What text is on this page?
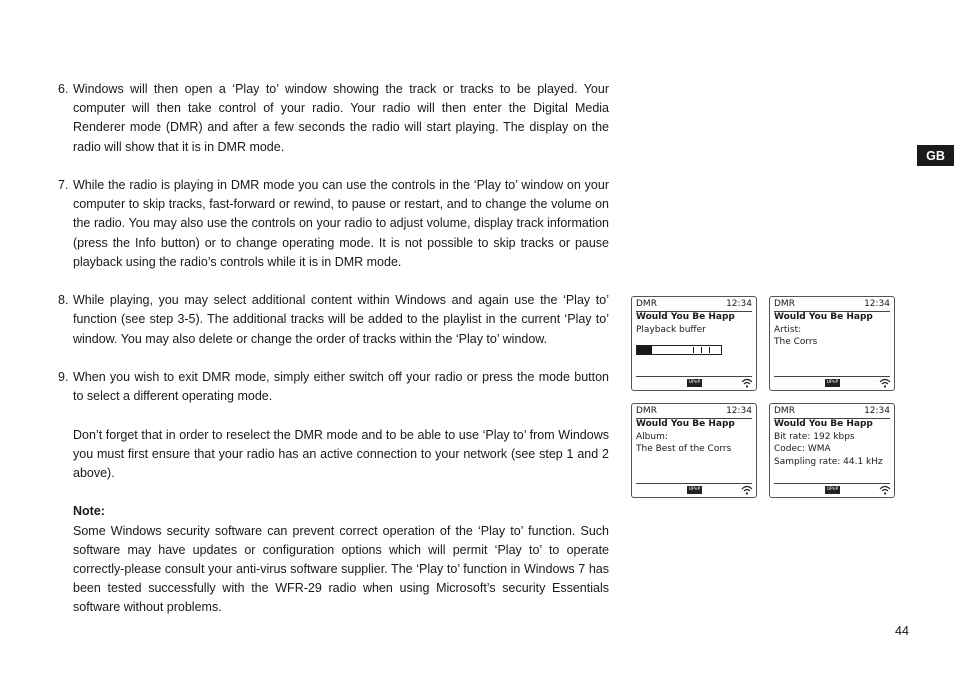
6. Windows will then open a ‘Play to’ window showing the track or tracks to be played. Your computer will then take control of your radio. Your radio will then enter the Digital Media Renderer mode (DMR) and after a few seconds the radio will start playing. The display on the radio will show that it is in DMR mode.
7. While the radio is playing in DMR mode you can use the controls in the ‘Play to’ window on your computer to skip tracks, fast-forward or rewind, to pause or restart, and to change the volume on the radio. You may also use the controls on your radio to adjust volume, display track information (press the Info button) or to change operating mode. It is not possible to skip tracks or pause playback using the radio’s controls while it is in DMR mode.
8. While playing, you may select additional content within Windows and again use the ‘Play to’ function (see step 3-5). The additional tracks will be added to the playlist in the current ‘Play to’ window. You may also delete or change the order of tracks within the ‘Play to’ window.
9. When you wish to exit DMR mode, simply either switch off your radio or press the mode button to select a different operating mode.
Don’t forget that in order to reselect the DMR mode and to be able to use ‘Play to’ from Windows you must first ensure that your radio has an active connection to your network (see step 1 and 2 above).
Note:
Some Windows security software can prevent correct operation of the ‘Play to’ function. Such software may have updates or configuration options which will permit ‘Play to’ to operate correctly-please consult your anti-virus software supplier. The ‘Play to’ function in Windows 7 has been tested successfully with the WFR-29 radio when using Microsoft’s security Essentials software without problems.
GB
44
DMR	12:34
Would You Be Happ
Playback buffer
UPnP
DMR	12:34
Would You Be Happ
Artist:
The Corrs
UPnP
DMR	12:34
Would You Be Happ
Album:
The Best of the Corrs
UPnP
DMR	12:34
Would You Be Happ
Bit rate: 192 kbps
Codec: WMA
Sampling rate: 44.1 kHz
UPnP
